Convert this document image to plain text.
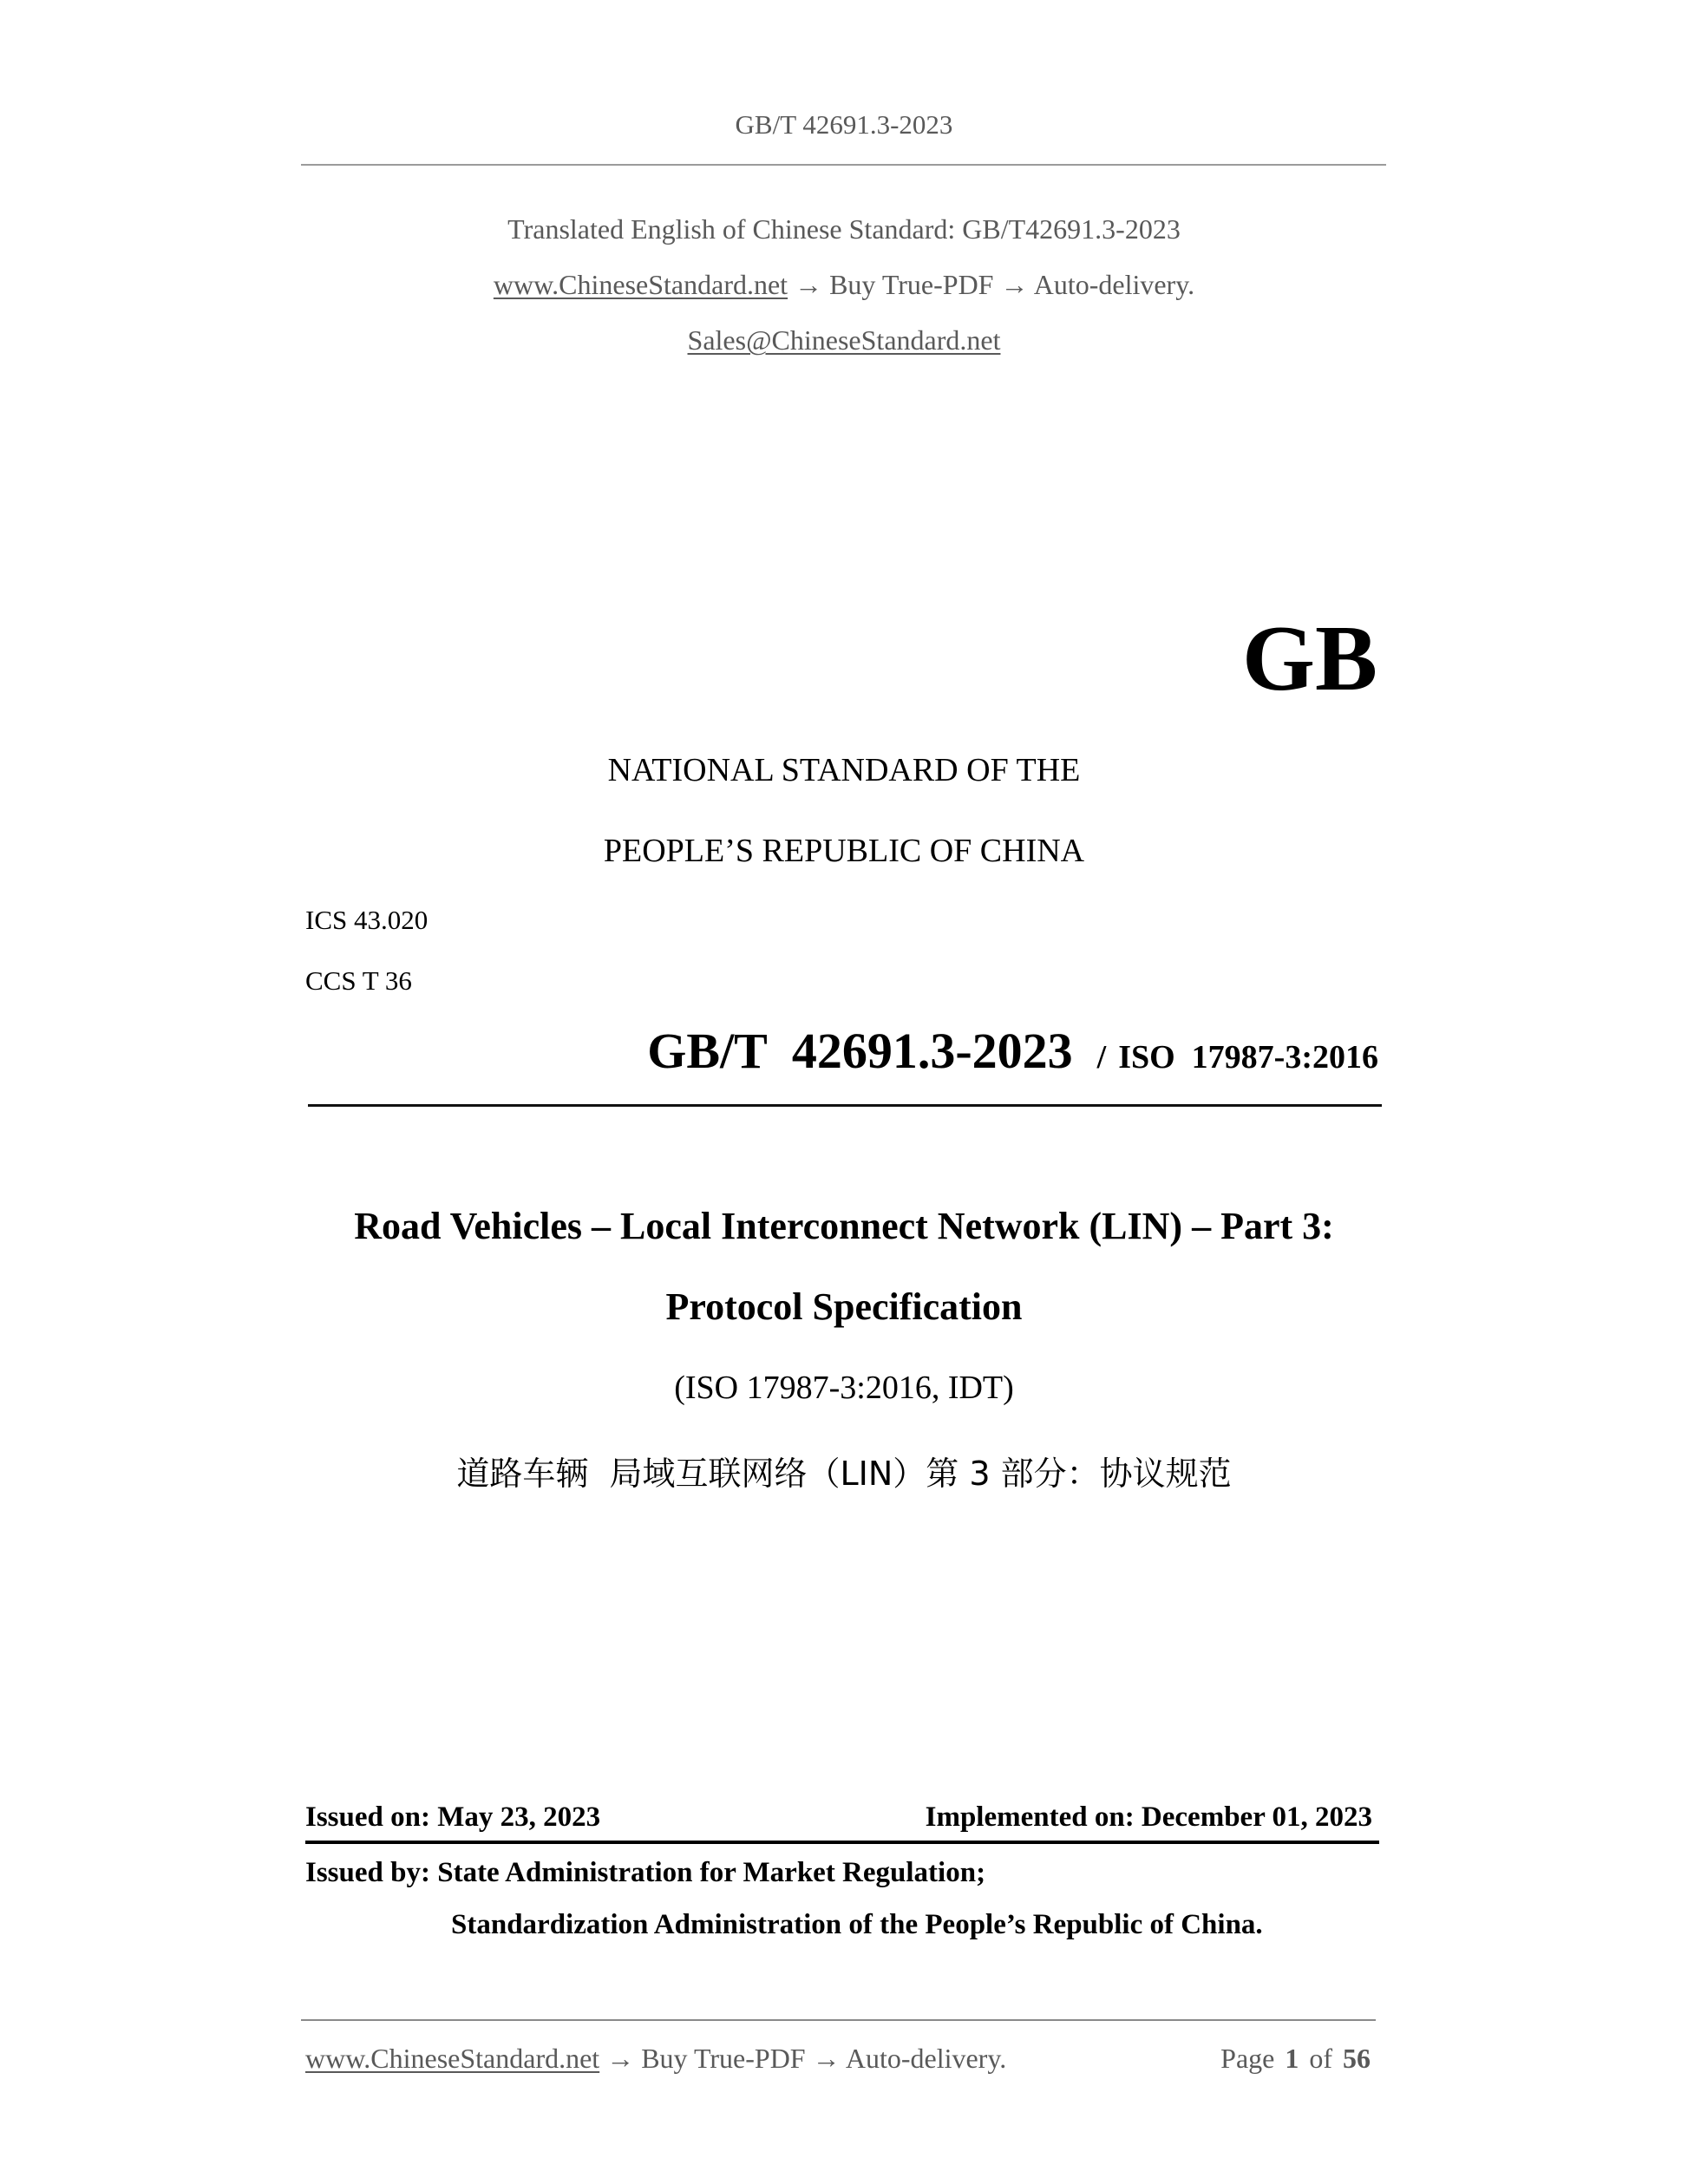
GB/T 42691.3-2023
Translated English of Chinese Standard: GB/T42691.3-2023
www.ChineseStandard.net → Buy True-PDF → Auto-delivery.
Sales@ChineseStandard.net
GB
NATIONAL STANDARD OF THE
PEOPLE’S REPUBLIC OF CHINA
ICS 43.020
CCS T 36
GB/T  42691.3-2023 / ISO  17987-3:2016
Road Vehicles – Local Interconnect Network (LIN) – Part 3:
Protocol Specification
(ISO 17987-3:2016, IDT)
道路车辆  局域互联网络（LIN）第 3 部分：协议规范
Issued on: May 23, 2023	Implemented on: December 01, 2023
Issued by: State Administration for Market Regulation;
Standardization Administration of the People’s Republic of China.
www.ChineseStandard.net → Buy True-PDF → Auto-delivery.	Page 1 of 56
